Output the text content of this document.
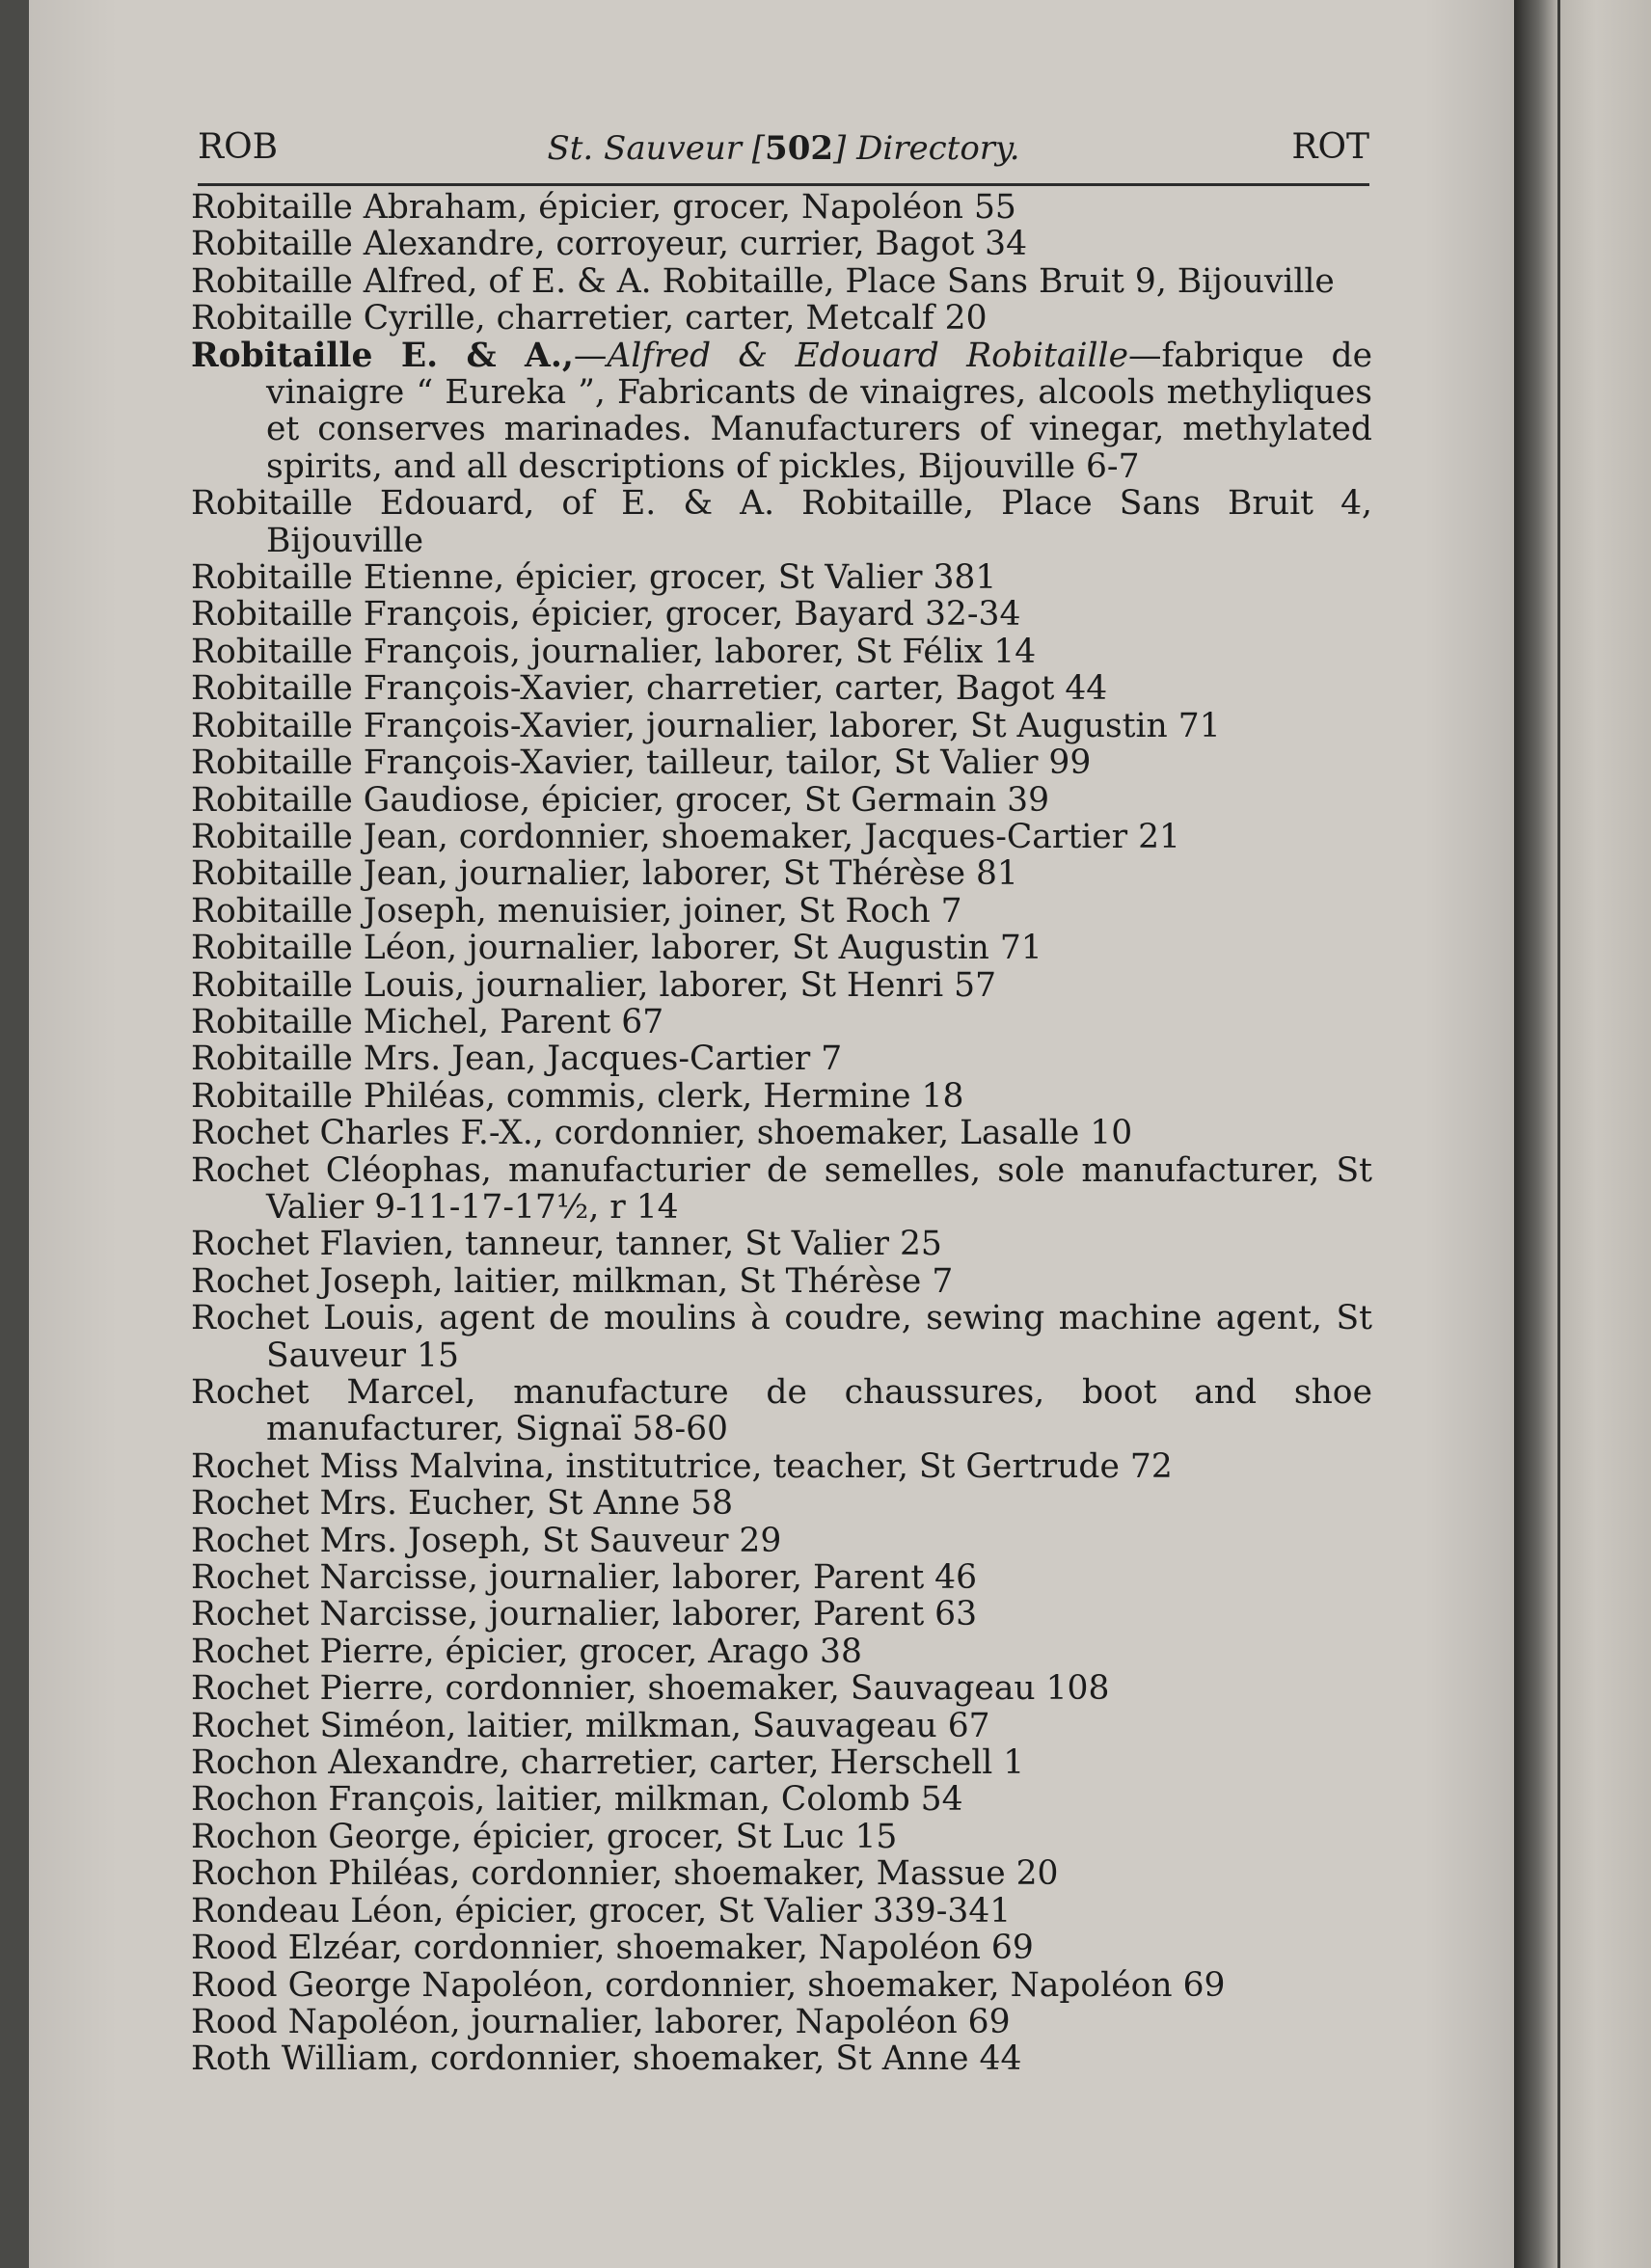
ROB	St. Sauveur [502] Directory.	ROT

Robitaille Abraham, épicier, grocer, Napoléon 55

Robitaille Alexandre, corroyeur, currier, Bagot 34

Robitaille Alfred, of E. & A. Robitaille, Place Sans Bruit 9, Bijouville

Robitaille Cyrille, charretier, carter, Metcalf 20

Robitaille E. & A.,—Alfred & Edouard Robitaille—fabrique de vinaigre “ Eureka ”, Fabricants de vinaigres, alcools methyliques et conserves marinades. Manufacturers of vinegar, methylated spirits, and all descriptions of pickles, Bijouville 6-7

Robitaille Edouard, of E. & A. Robitaille, Place Sans Bruit 4, Bijouville

Robitaille Etienne, épicier, grocer, St Valier 381

Robitaille François, épicier, grocer, Bayard 32-34

Robitaille François, journalier, laborer, St Félix 14

Robitaille François-Xavier, charretier, carter, Bagot 44

Robitaille François-Xavier, journalier, laborer, St Augustin 71

Robitaille François-Xavier, tailleur, tailor, St Valier 99

Robitaille Gaudiose, épicier, grocer, St Germain 39

Robitaille Jean, cordonnier, shoemaker, Jacques-Cartier 21

Robitaille Jean, journalier, laborer, St Thérèse 81

Robitaille Joseph, menuisier, joiner, St Roch 7

Robitaille Léon, journalier, laborer, St Augustin 71

Robitaille Louis, journalier, laborer, St Henri 57

Robitaille Michel, Parent 67

Robitaille Mrs. Jean, Jacques-Cartier 7

Robitaille Philéas, commis, clerk, Hermine 18

Rochet Charles F.-X., cordonnier, shoemaker, Lasalle 10

Rochet Cléophas, manufacturier de semelles, sole manufacturer, St Valier 9-11-17-17½, r 14

Rochet Flavien, tanneur, tanner, St Valier 25

Rochet Joseph, laitier, milkman, St Thérèse 7

Rochet Louis, agent de moulins à coudre, sewing machine agent, St Sauveur 15

Rochet Marcel, manufacture de chaussures, boot and shoe manufacturer, Signaï 58-60

Rochet Miss Malvina, institutrice, teacher, St Gertrude 72

Rochet Mrs. Eucher, St Anne 58

Rochet Mrs. Joseph, St Sauveur 29

Rochet Narcisse, journalier, laborer, Parent 46

Rochet Narcisse, journalier, laborer, Parent 63

Rochet Pierre, épicier, grocer, Arago 38

Rochet Pierre, cordonnier, shoemaker, Sauvageau 108

Rochet Siméon, laitier, milkman, Sauvageau 67

Rochon Alexandre, charretier, carter, Herschell 1

Rochon François, laitier, milkman, Colomb 54

Rochon George, épicier, grocer, St Luc 15

Rochon Philéas, cordonnier, shoemaker, Massue 20

Rondeau Léon, épicier, grocer, St Valier 339-341

Rood Elzéar, cordonnier, shoemaker, Napoléon 69

Rood George Napoléon, cordonnier, shoemaker, Napoléon 69

Rood Napoléon, journalier, laborer, Napoléon 69

Roth William, cordonnier, shoemaker, St Anne 44
